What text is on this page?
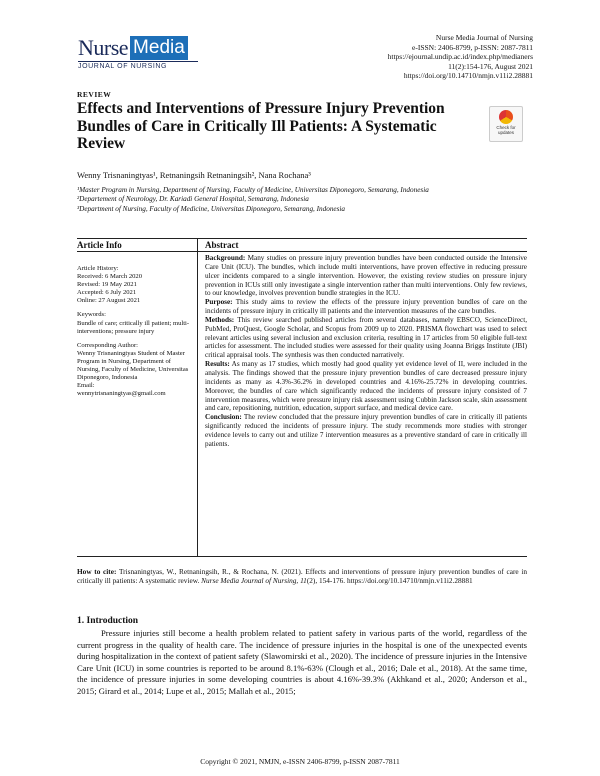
Nurse Media
JOURNAL OF NURSING
Nurse Media Journal of Nursing
e-ISSN: 2406-8799, p-ISSN: 2087-7811
https://ejournal.undip.ac.id/index.php/medianers
11(2):154-176, August 2021
https://doi.org/10.14710/nmjn.v11i2.28881
REVIEW
Effects and Interventions of Pressure Injury Prevention Bundles of Care in Critically Ill Patients: A Systematic Review
Check for updates
Wenny Trisnaningtyas¹, Retnaningsih Retnaningsih², Nana Rochana³
¹Master Program in Nursing, Department of Nursing, Faculty of Medicine, Universitas Diponegoro, Semarang, Indonesia
²Departement of Neurology, Dr. Kariadi General Hospital, Semarang, Indonesia
³Department of Nursing, Faculty of Medicine, Universitas Diponegoro, Semarang, Indonesia
Article Info	Abstract

Article History:
Received: 6 March 2020
Revised: 19 May 2021
Accepted: 6 July 2021
Online: 27 August 2021

Keywords:
Bundle of care; critically ill patient; multi-interventions; pressure injury

Corresponding Author:
Wenny Trisnaningtyas Student of Master Program in Nursing, Department of Nursing, Faculty of Medicine, Universitas Diponegoro, Indonesia
Email:
wennytrisnaningtyas@gmail.com

Background: Many studies on pressure injury prevention bundles have been conducted outside the Intensive Care Unit (ICU). The bundles, which include multi interventions, have proven effective in reducing pressure ulcer incidents compared to a single intervention. However, the existing review studies on pressure injury prevention in ICUs still only investigate a single intervention rather than multi interventions. Only few reviews, to our knowledge, involves prevention bundle strategies in the ICU.

Purpose: This study aims to review the effects of the pressure injury prevention bundles of care on the incidents of pressure injury in critically ill patients and the intervention measures of the care bundles.

Methods: This review searched published articles from several databases, namely EBSCO, ScienceDirect, PubMed, ProQuest, Google Scholar, and Scopus from 2009 up to 2020. PRISMA flowchart was used to select relevant articles using several inclusion and exclusion criteria, resulting in 17 articles from 50 eligible full-text articles for assessment. The included studies were assessed for their quality using Joanna Briggs Institute (JBI) critical appraisal tools. The synthesis was then conducted narratively.

Results: As many as 17 studies, which mostly had good quality yet evidence level of II, were included in the analysis. The findings showed that the pressure injury prevention bundles of care decreased pressure injury incidents as many as 4.3%-36.2% in developed countries and 4.16%-25.72% in developing countries. Moreover, the bundles of care which significantly reduced the incidents of pressure injury consisted of 7 intervention measures, which were pressure injury risk assessment using Cubbin Jackson scale, skin assessment and care, repositioning, nutrition, education, support surface, and medical device care.

Conclusion: The review concluded that the pressure injury prevention bundles of care in critically ill patients significantly reduced the incidents of pressure injury. The study recommends more studies with stronger evidence levels to carry out and utilize 7 intervention measures as a preventive standard of care in critically ill patients.

How to cite: Trisnaningtyas, W., Retnaningsih, R., & Rochana, N. (2021). Effects and interventions of pressure injury prevention bundles of care in critically ill patients: A systematic review. Nurse Media Journal of Nursing, 11(2), 154-176. https://doi.org/10.14710/nmjn.v11i2.28881
1. Introduction

Pressure injuries still become a health problem related to patient safety in various parts of the world, regardless of the current progress in the quality of health care. The incidence of pressure injuries in the hospital is one of the unexpected events during hospitalization in the context of patient safety (Slawomirski et al., 2020). The incidence of pressure injuries in the Intensive Care Unit (ICU) in some countries is reported to be around 8.1%-63% (Clough et al., 2016; Dale et al., 2018). At the same time, the incidence of pressure injuries in some developing countries is about 4.16%-39.3% (Akhkand et al., 2020; Anderson et al., 2015; Girard et al., 2014; Lupe et al., 2015; Mallah et al., 2015;

Copyright © 2021, NMJN, e-ISSN 2406-8799, p-ISSN 2087-7811
